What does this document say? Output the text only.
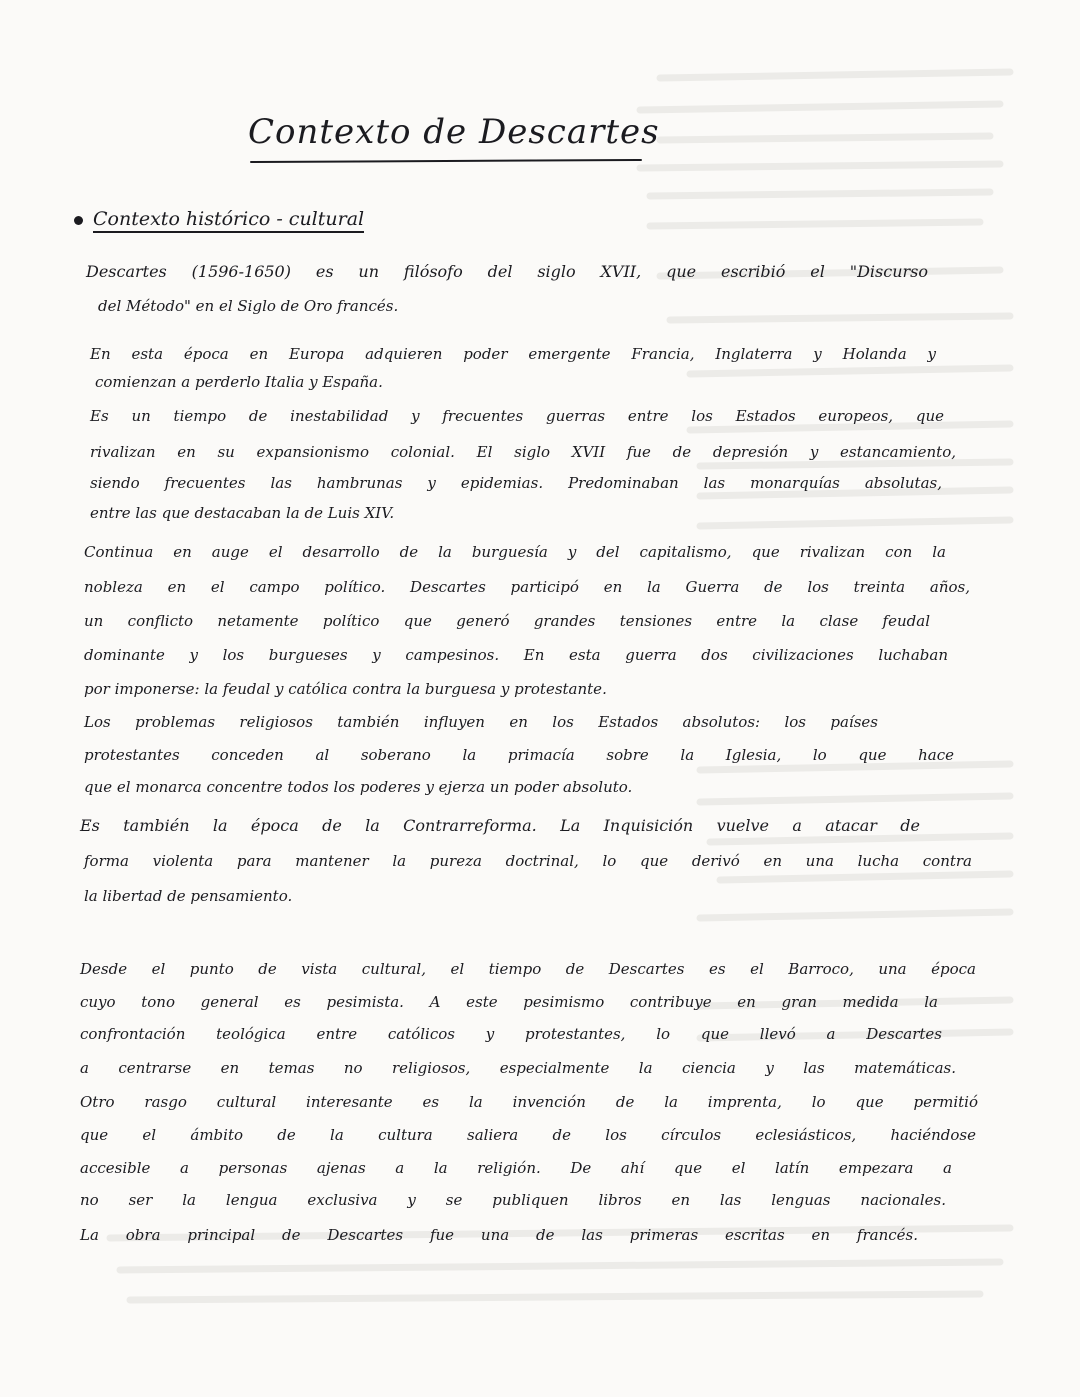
Contexto de Descartes
Contexto histórico - cultural
Descartes (1596-1650) es un filósofo del siglo XVII, que escribió el "Discurso
del Método" en el Siglo de Oro francés.
En esta época en Europa adquieren poder emergente Francia, Inglaterra y Holanda y
comienzan a perderlo Italia y España.
Es un tiempo de inestabilidad y frecuentes guerras entre los Estados europeos, que
rivalizan en su expansionismo colonial. El siglo XVII fue de depresión y estancamiento,
siendo frecuentes las hambrunas y epidemias. Predominaban las monarquías absolutas,
entre las que destacaban la de Luis XIV.
Continua en auge el desarrollo de la burguesía y del capitalismo, que rivalizan con la
nobleza en el campo político. Descartes participó en la Guerra de los treinta años,
un conflicto netamente político que generó grandes tensiones entre la clase feudal
dominante y los burgueses y campesinos. En esta guerra dos civilizaciones luchaban
por imponerse: la feudal y católica contra la burguesa y protestante.
Los problemas religiosos también influyen en los Estados absolutos: los países
protestantes conceden al soberano la primacía sobre la Iglesia, lo que hace
que el monarca concentre todos los poderes y ejerza un poder absoluto.
Es también la época de la Contrarreforma. La Inquisición vuelve a atacar de
forma violenta para mantener la pureza doctrinal, lo que derivó en una lucha contra
la libertad de pensamiento.
Desde el punto de vista cultural, el tiempo de Descartes es el Barroco, una época
cuyo tono general es pesimista. A este pesimismo contribuye en gran medida la
confrontación teológica entre católicos y protestantes, lo que llevó a Descartes
a centrarse en temas no religiosos, especialmente la ciencia y las matemáticas.
Otro rasgo cultural interesante es la invención de la imprenta, lo que permitió
que el ámbito de la cultura saliera de los círculos eclesiásticos, haciéndose
accesible a personas ajenas a la religión. De ahí que el latín empezara a
no ser la lengua exclusiva y se publiquen libros en las lenguas nacionales.
La obra principal de Descartes fue una de las primeras escritas en francés.
